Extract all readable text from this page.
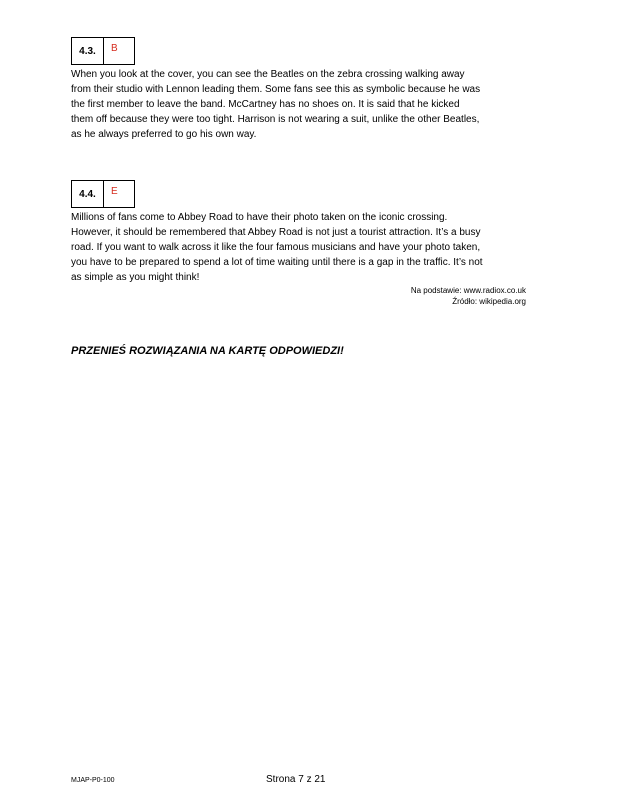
4.3.	B

When you look at the cover, you can see the Beatles on the zebra crossing walking away
from their studio with Lennon leading them. Some fans see this as symbolic because he was
the first member to leave the band. McCartney has no shoes on. It is said that he kicked
them off because they were too tight. Harrison is not wearing a suit, unlike the other Beatles,
as he always preferred to go his own way.

4.4.	E

Millions of fans come to Abbey Road to have their photo taken on the iconic crossing.
However, it should be remembered that Abbey Road is not just a tourist attraction. It’s a busy
road. If you want to walk across it like the four famous musicians and have your photo taken,
you have to be prepared to spend a lot of time waiting until there is a gap in the traffic. It’s not
as simple as you might think!

Na podstawie: www.radiox.co.uk

Źródło: wikipedia.org

PRZENIEŚ ROZWIĄZANIA NA KARTĘ ODPOWIEDZI!

MJAP-P0-100	Strona 7 z 21
